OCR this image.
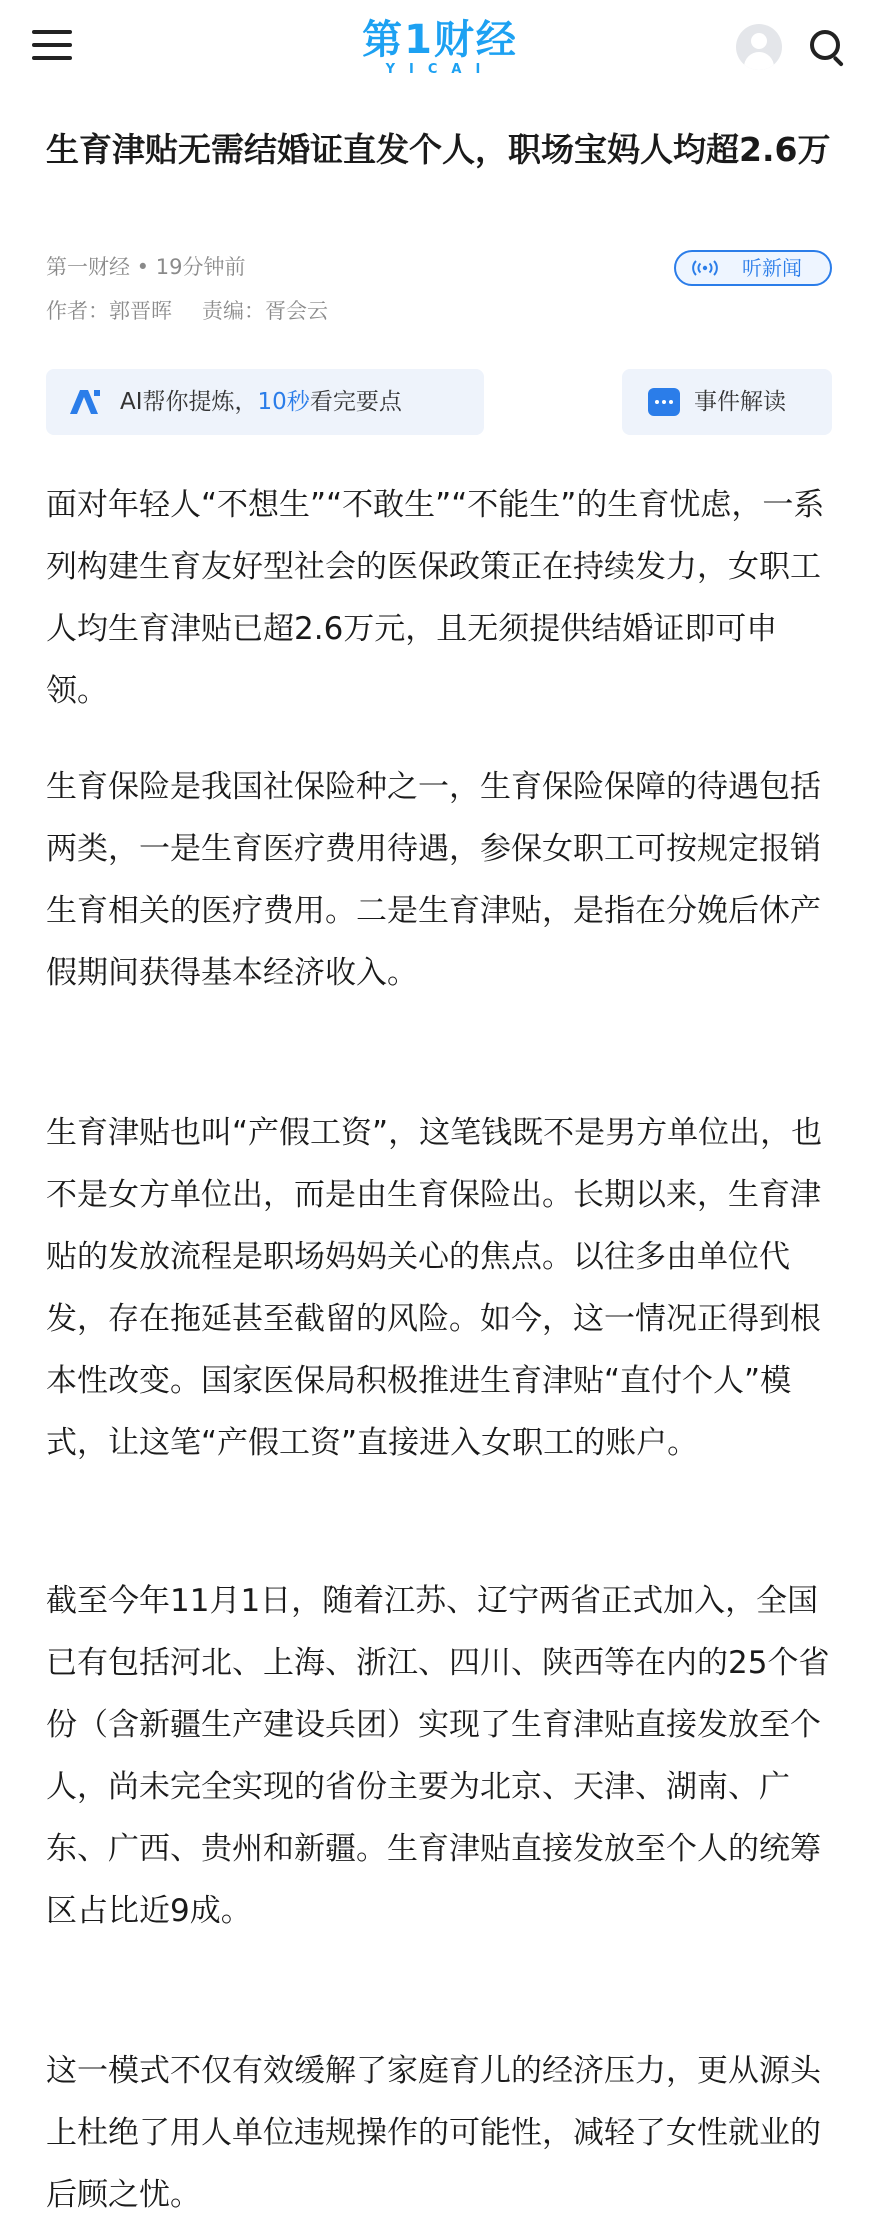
第1财经
YICAI
生育津贴无需结婚证直发个人，职场宝妈人均超2.6万
第一财经 • 19分钟前
作者：郭晋晖 责编：胥会云
听新闻
AI帮你提炼，10秒看完要点	事件解读

面对年轻人“不想生”“不敢生”“不能生”的生育忧虑，一系列构建生育友好型社会的医保政策正在持续发力，女职工人均生育津贴已超2.6万元，且无须提供结婚证即可申领。

生育保险是我国社保险种之一，生育保险保障的待遇包括两类，一是生育医疗费用待遇，参保女职工可按规定报销生育相关的医疗费用。二是生育津贴，是指在分娩后休产假期间获得基本经济收入。

生育津贴也叫“产假工资”，这笔钱既不是男方单位出，也不是女方单位出，而是由生育保险出。长期以来，生育津贴的发放流程是职场妈妈关心的焦点。以往多由单位代发，存在拖延甚至截留的风险。如今，这一情况正得到根本性改变。国家医保局积极推进生育津贴“直付个人”模式，让这笔“产假工资”直接进入女职工的账户。

截至今年11月1日，随着江苏、辽宁两省正式加入，全国已有包括河北、上海、浙江、四川、陕西等在内的25个省份（含新疆生产建设兵团）实现了生育津贴直接发放至个人，尚未完全实现的省份主要为北京、天津、湖南、广东、广西、贵州和新疆。生育津贴直接发放至个人的统筹区占比近9成。

这一模式不仅有效缓解了家庭育儿的经济压力，更从源头上杜绝了用人单位违规操作的可能性，减轻了女性就业的后顾之忧。
